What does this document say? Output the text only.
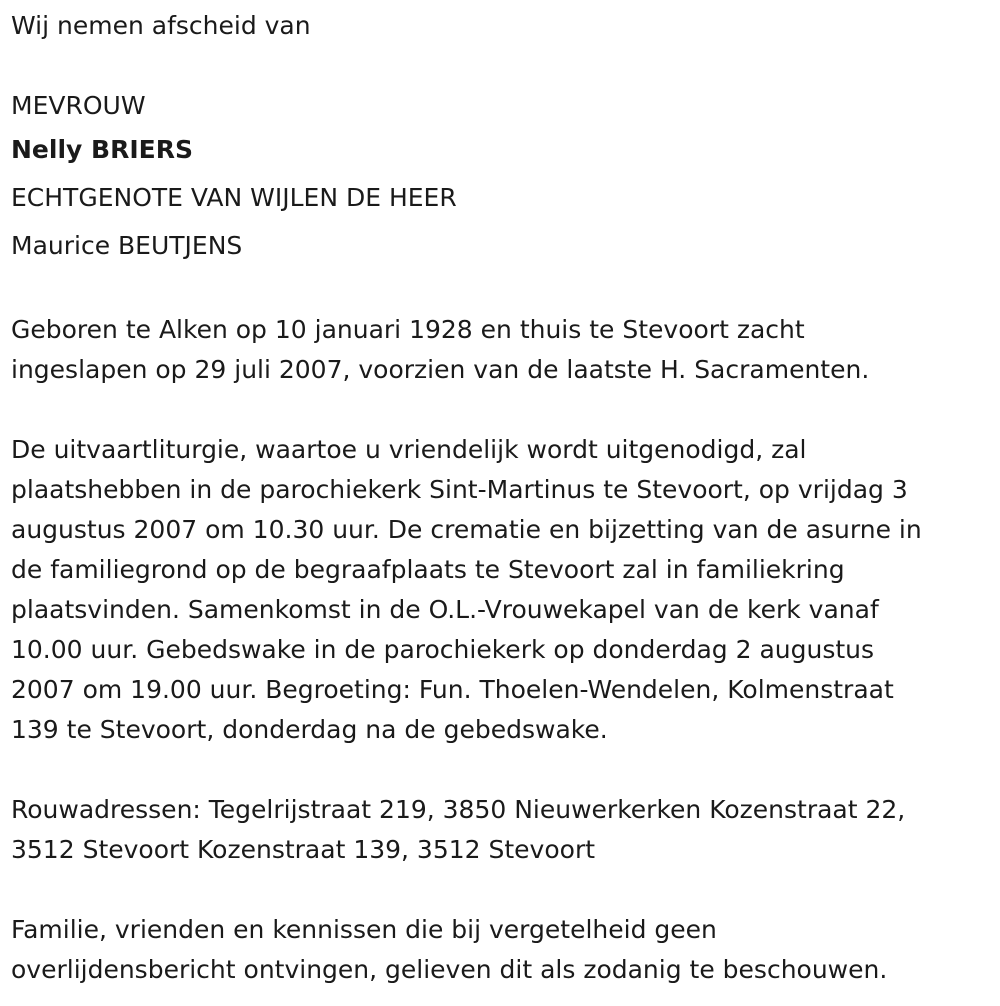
Wij nemen afscheid van
MEVROUW
Nelly BRIERS
ECHTGENOTE VAN WIJLEN DE HEER
Maurice BEUTJENS
Geboren te Alken op 10 januari 1928 en thuis te Stevoort zacht
ingeslapen op 29 juli 2007, voorzien van de laatste H. Sacramenten.
De uitvaartliturgie, waartoe u vriendelijk wordt uitgenodigd, zal
plaatshebben in de parochiekerk Sint-Martinus te Stevoort, op vrijdag 3
augustus 2007 om 10.30 uur. De crematie en bijzetting van de asurne in
de familiegrond op de begraafplaats te Stevoort zal in familiekring
plaatsvinden. Samenkomst in de O.L.-Vrouwekapel van de kerk vanaf
10.00 uur. Gebedswake in de parochiekerk op donderdag 2 augustus
2007 om 19.00 uur. Begroeting: Fun. Thoelen-Wendelen, Kolmenstraat
139 te Stevoort, donderdag na de gebedswake.
Rouwadressen: Tegelrijstraat 219, 3850 Nieuwerkerken Kozenstraat 22,
3512 Stevoort Kozenstraat 139, 3512 Stevoort
Familie, vrienden en kennissen die bij vergetelheid geen
overlijdensbericht ontvingen, gelieven dit als zodanig te beschouwen.
